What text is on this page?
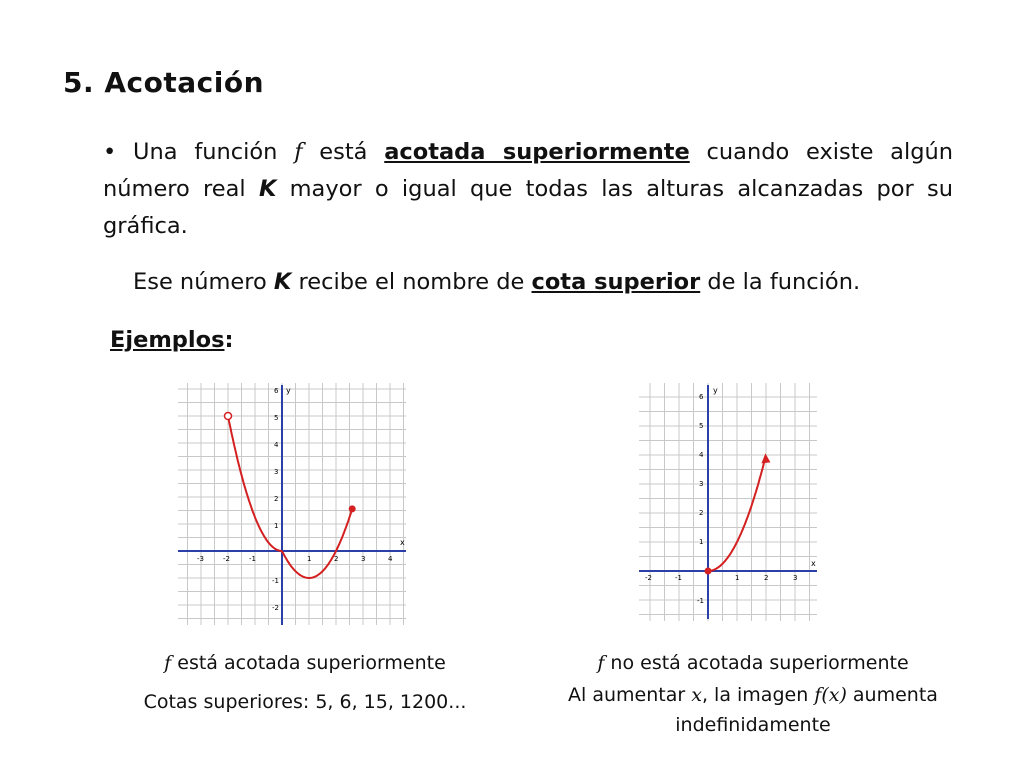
5. Acotación
• Una función f está acotada superiormente cuando existe algún número real K mayor o igual que todas las alturas alcanzadas por su gráfica.
Ese número K recibe el nombre de cota superior de la función.
Ejemplos:
x
y
-3	-2	-1	1	2	3	4
-2
-1
1
2
3
4
5
6
x
y
-2	-1	1	2	3
-1
1
2
3
4
5
6
f está acotada superiormente
Cotas superiores: 5, 6, 15, 1200...
f no está acotada superiormente
Al aumentar x, la imagen f(x) aumenta indefinidamente
